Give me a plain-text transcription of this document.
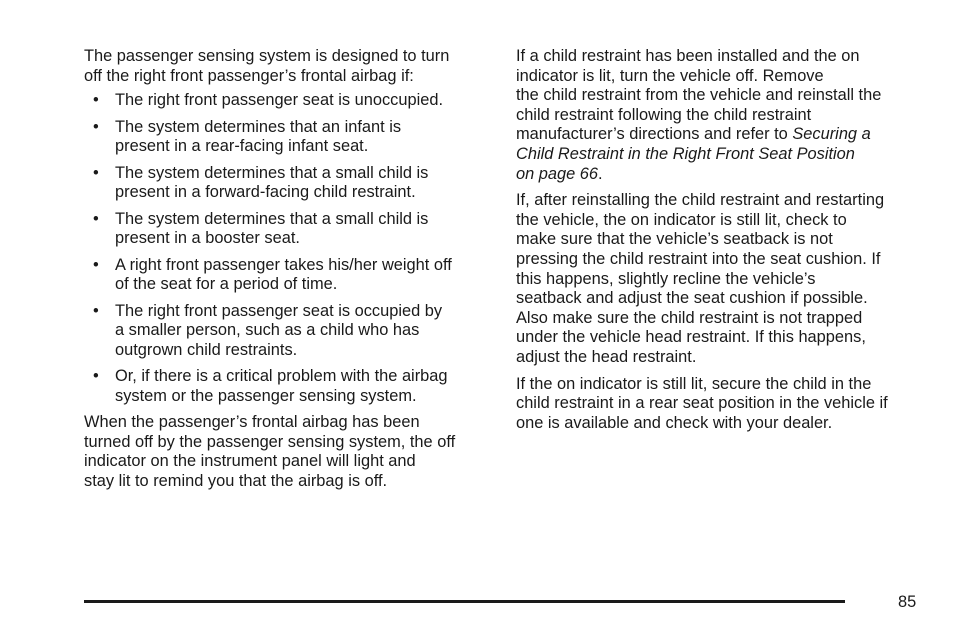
The passenger sensing system is designed to turn
off the right front passenger’s frontal airbag if:

• The right front passenger seat is unoccupied.
• The system determines that an infant is
present in a rear-facing infant seat.
• The system determines that a small child is
present in a forward-facing child restraint.
• The system determines that a small child is
present in a booster seat.
• A right front passenger takes his/her weight off
of the seat for a period of time.
• The right front passenger seat is occupied by
a smaller person, such as a child who has
outgrown child restraints.
• Or, if there is a critical problem with the airbag
system or the passenger sensing system.

When the passenger’s frontal airbag has been
turned off by the passenger sensing system, the off
indicator on the instrument panel will light and
stay lit to remind you that the airbag is off.

If a child restraint has been installed and the on
indicator is lit, turn the vehicle off. Remove
the child restraint from the vehicle and reinstall the
child restraint following the child restraint
manufacturer’s directions and refer to Securing a
Child Restraint in the Right Front Seat Position
on page 66.

If, after reinstalling the child restraint and restarting
the vehicle, the on indicator is still lit, check to
make sure that the vehicle’s seatback is not
pressing the child restraint into the seat cushion. If
this happens, slightly recline the vehicle’s
seatback and adjust the seat cushion if possible.
Also make sure the child restraint is not trapped
under the vehicle head restraint. If this happens,
adjust the head restraint.

If the on indicator is still lit, secure the child in the
child restraint in a rear seat position in the vehicle if
one is available and check with your dealer.

85
